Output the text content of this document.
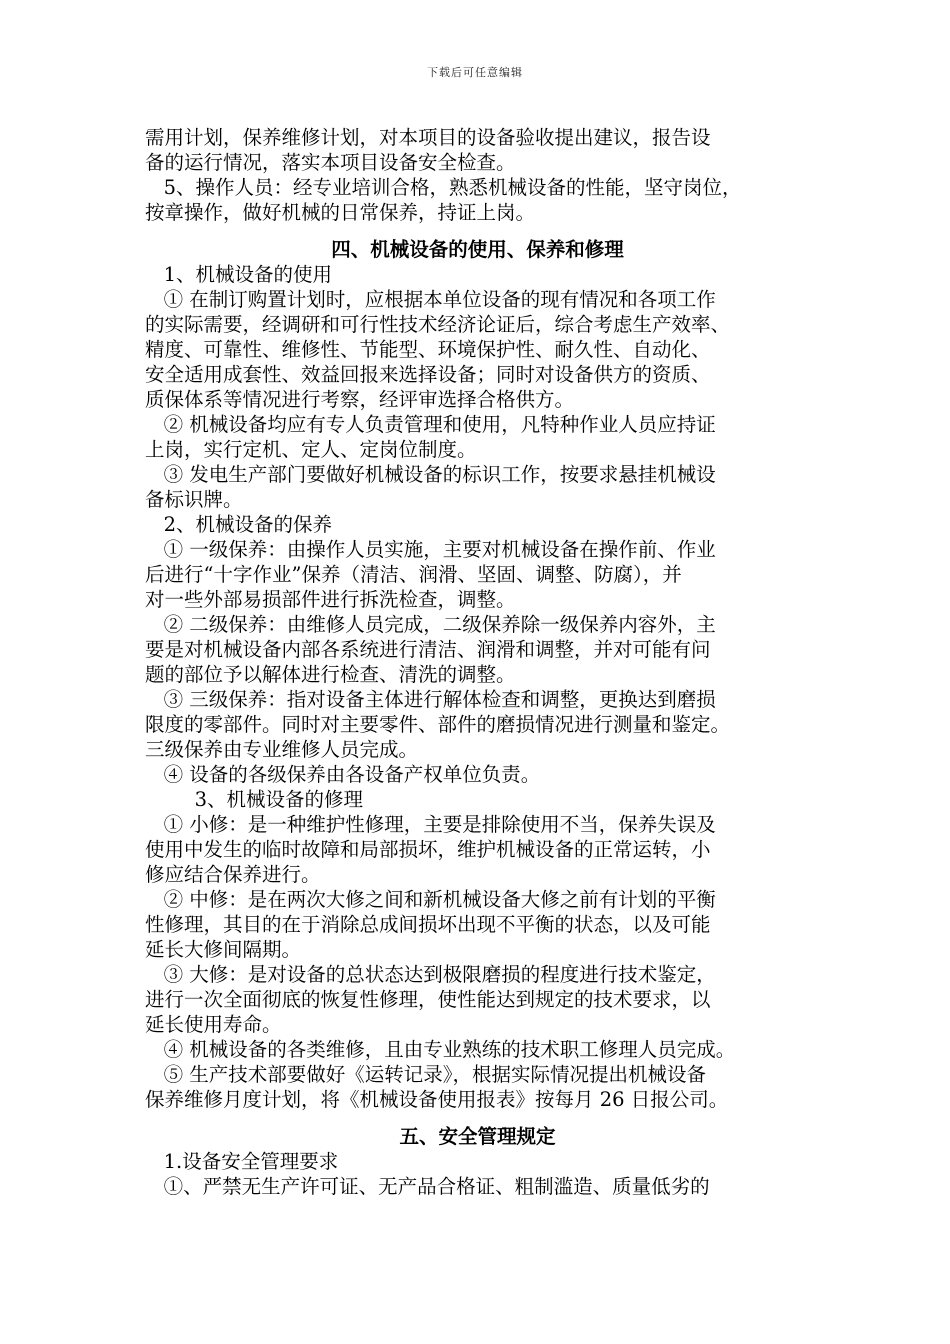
下载后可任意编辑
需用计划，保养维修计划，对本项目的设备验收提出建议，报告设
备的运行情况，落实本项目设备安全检查。
5、操作人员：经专业培训合格，熟悉机械设备的性能，坚守岗位，
按章操作，做好机械的日常保养，持证上岗。
四、机械设备的使用、保养和修理
1、机械设备的使用
① 在制订购置计划时，应根据本单位设备的现有情况和各项工作
的实际需要，经调研和可行性技术经济论证后，综合考虑生产效率、
精度、可靠性、维修性、节能型、环境保护性、耐久性、自动化、
安全适用成套性、效益回报来选择设备；同时对设备供方的资质、
质保体系等情况进行考察，经评审选择合格供方。
② 机械设备均应有专人负责管理和使用，凡特种作业人员应持证
上岗，实行定机、定人、定岗位制度。
③ 发电生产部门要做好机械设备的标识工作，按要求悬挂机械设
备标识牌。
2、机械设备的保养
① 一级保养：由操作人员实施，主要对机械设备在操作前、作业
后进行“十字作业”保养（清洁、润滑、坚固、调整、防腐），并
对一些外部易损部件进行拆洗检查，调整。
② 二级保养：由维修人员完成，二级保养除一级保养内容外，主
要是对机械设备内部各系统进行清洁、润滑和调整，并对可能有问
题的部位予以解体进行检查、清洗的调整。
③ 三级保养：指对设备主体进行解体检查和调整，更换达到磨损
限度的零部件。同时对主要零件、部件的磨损情况进行测量和鉴定。
三级保养由专业维修人员完成。
④ 设备的各级保养由各设备产权单位负责。
3、机械设备的修理
① 小修：是一种维护性修理，主要是排除使用不当，保养失误及
使用中发生的临时故障和局部损坏，维护机械设备的正常运转，小
修应结合保养进行。
② 中修：是在两次大修之间和新机械设备大修之前有计划的平衡
性修理，其目的在于消除总成间损坏出现不平衡的状态，以及可能
延长大修间隔期。
③ 大修：是对设备的总状态达到极限磨损的程度进行技术鉴定，
进行一次全面彻底的恢复性修理，使性能达到规定的技术要求，以
延长使用寿命。
④ 机械设备的各类维修，且由专业熟练的技术职工修理人员完成。
⑤ 生产技术部要做好《运转记录》，根据实际情况提出机械设备
保养维修月度计划，将《机械设备使用报表》按每月 26 日报公司。
五、安全管理规定
1.设备安全管理要求
①、严禁无生产许可证、无产品合格证、粗制滥造、质量低劣的
